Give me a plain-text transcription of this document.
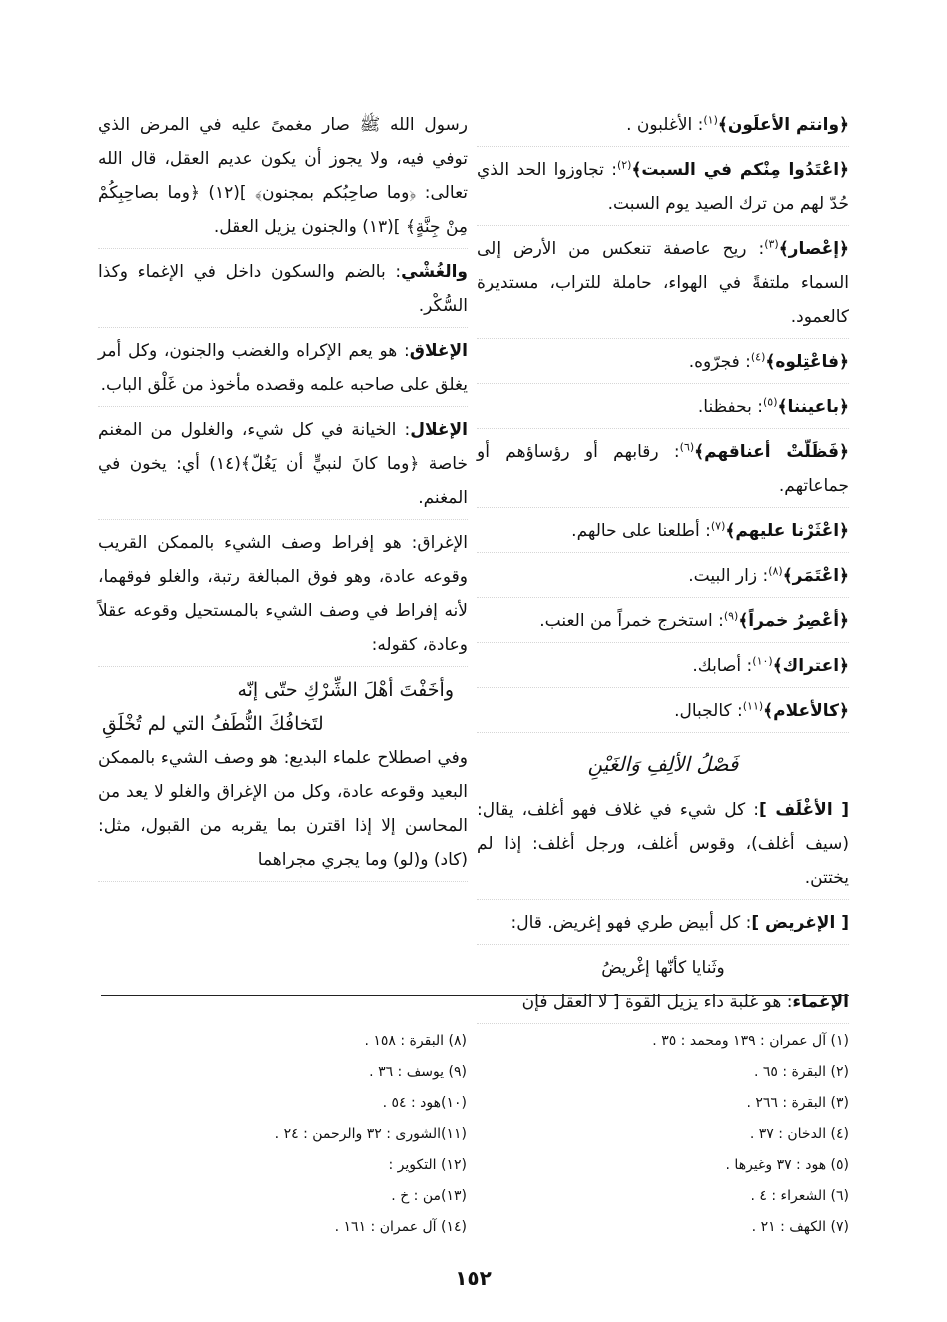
﴿وانتم الأعلَون﴾$^{(١)}$: الأغلبون .
﴿اعْتَدُوا مِنْكم في السبت﴾$^{(٢)}$: تجاوزوا الحد الذي حُدّ لهم من ترك الصيد يوم السبت.
﴿إعْصار﴾$^{(٣)}$: ريح عاصفة تنعكس من الأرض إلى السماء ملتفةً في الهواء، حاملة للتراب، مستديرة كالعمود.
﴿فاعْتِلوه﴾$^{(٤)}$: فجرّوه.
﴿باعيننا﴾$^{(٥)}$: بحفظنا.
﴿فَظَلّتْ أعناقهم﴾$^{(٦)}$: رقابهم أو رؤساؤهم أو جماعاتهم.
﴿اعْثَرْنا عليهم﴾$^{(٧)}$: أطلعنا على حالهم.
﴿اعْتَمَر﴾$^{(٨)}$: زار البيت.
﴿أعْصِرُ خمراً﴾$^{(٩)}$: استخرج خمراً من العنب.
﴿اعتراك﴾$^{(١٠)}$: أصابك.
﴿كالأعلام﴾$^{(١١)}$: كالجبال.
فَصْلُ الألِفِ وَالغَيْنِ
[ الأغْلَف ]: كل شيء في غلاف فهو أغلف، يقال: (سيف أغلف)، وقوس أغلف، ورجل أغلف: إذا لم يختتن.
[ الإغريض ]: كل أبيض طري فهو إغريض. قال:
وثَنايا كأنّها إغْريضُ
الإغماء: هو غلبة داء يزيل القوة [ لا العقل فإن
رسول الله ﷺ صار مغمىً عليه في المرض الذي توفي فيه، ولا يجوز أن يكون عديم العقل، قال الله تعالى: ﴿وما صاحِبُكم بمجنون﴾ ](١٢) ﴿وما بصاحِبِكُمْ مِنْ جِنَّةٍ﴾ ](١٣) والجنون يزيل العقل.
والغُشْي: بالضم والسكون داخل في الإغماء وكذا السُّكْر.
الإغلاق: هو يعم الإكراه والغضب والجنون، وكل أمر يغلق على صاحبه علمه وقصده مأخوذ من غَلْق الباب.
الإغلال: الخيانة في كل شيء، والغلول من المغنم خاصة ﴿وما كانَ لنبيٍّ أن يَغُلّ﴾(١٤) أي: يخون في المغنم.
الإغراق: هو إفراط وصف الشيء بالممكن القريب وقوعه عادة، وهو فوق المبالغة رتبة، والغلو فوقهما، لأنه إفراط في وصف الشيء بالمستحيل وقوعه عقلاً وعادة، كقوله:
وأخَفْتَ أهْلَ الشِّرْكِ حتّى إنّه
لتَخافُكَ النُّطَفُ التي لم تُخْلَقِ
وفي اصطلاح علماء البديع: هو وصف الشيء بالممكن البعيد وقوعه عادة، وكل من الإغراق والغلو لا يعد من المحاسن إلا إذا اقترن بما يقربه من القبول، مثل: (كاد) و(لو) وما يجري مجراهما
(١) آل عمران : ١٣٩ ومحمد : ٣٥ .
(٢) البقرة : ٦٥ .
(٣) البقرة : ٢٦٦ .
(٤) الدخان : ٣٧ .
(٥) هود : ٣٧ وغيرها .
(٦) الشعراء : ٤ .
(٧) الكهف : ٢١ .
(٨) البقرة : ١٥٨ .
(٩) يوسف : ٣٦ .
(١٠)هود : ٥٤ .
(١١)الشورى : ٣٢ والرحمن : ٢٤ .
(١٢) التكوير :
(١٣)من : خ .
(١٤) آل عمران : ١٦١ .
١٥٢
